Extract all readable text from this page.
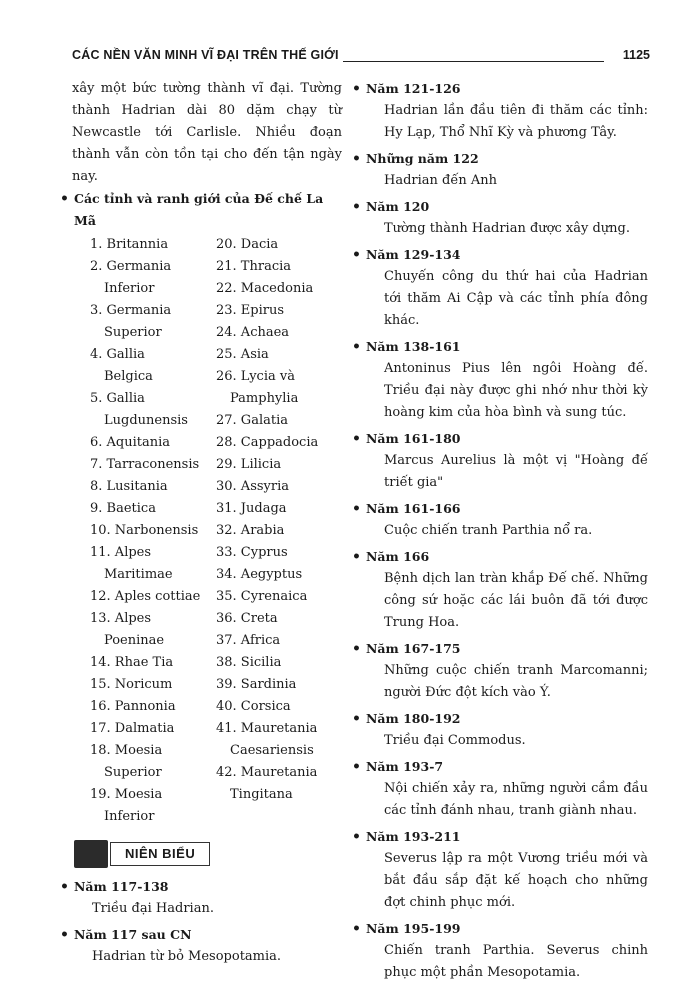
CÁC NỀN VĂN MINH VĨ ĐẠI TRÊN THẾ GIỚI	1125

xây một bức tường thành vĩ đại. Tường thành Hadrian dài 80 dặm chạy từ Newcastle tới Carlisle. Nhiều đoạn thành vẫn còn tồn tại cho đến tận ngày nay.

• Các tỉnh và ranh giới của Đế chế La Mã
1. Britannia
2. Germania
Inferior
3. Germania
Superior
4. Gallia
Belgica
5. Gallia
Lugdunensis
6. Aquitania
7. Tarraconensis
8. Lusitania
9. Baetica
10. Narbonensis
11. Alpes
Maritimae
12. Aples cottiae
13. Alpes
Poeninae
14. Rhae Tia
15. Noricum
16. Pannonia
17. Dalmatia
18. Moesia
Superior
19. Moesia
Inferior
20. Dacia
21. Thracia
22. Macedonia
23. Epirus
24. Achaea
25. Asia
26. Lycia và
Pamphylia
27. Galatia
28. Cappadocia
29. Lilicia
30. Assyria
31. Judaga
32. Arabia
33. Cyprus
34. Aegyptus
35. Cyrenaica
36. Creta
37. Africa
38. Sicilia
39. Sardinia
40. Corsica
41. Mauretania
Caesariensis
42. Mauretania
Tingitana
NIÊN BIỂU
• Năm 117-138
Triều đại Hadrian.
• Năm 117 sau CN
Hadrian từ bỏ Mesopotamia.
• Năm 121-126
Hadrian lần đầu tiên đi thăm các tỉnh: Hy Lạp, Thổ Nhĩ Kỳ và phương Tây.
• Những năm 122
Hadrian đến Anh
• Năm 120
Tường thành Hadrian được xây dựng.
• Năm 129-134
Chuyến công du thứ hai của Hadrian tới thăm Ai Cập và các tỉnh phía đông khác.
• Năm 138-161
Antoninus Pius lên ngôi Hoàng đế. Triều đại này được ghi nhớ như thời kỳ hoàng kim của hòa bình và sung túc.
• Năm 161-180
Marcus Aurelius là một vị "Hoàng đế triết gia"
• Năm 161-166
Cuộc chiến tranh Parthia nổ ra.
• Năm 166
Bệnh dịch lan tràn khắp Đế chế. Những công sứ hoặc các lái buôn đã tới được Trung Hoa.
• Năm 167-175
Những cuộc chiến tranh Marcomanni; người Đức đột kích vào Ý.
• Năm 180-192
Triều đại Commodus.
• Năm 193-7
Nội chiến xảy ra, những người cầm đầu các tỉnh đánh nhau, tranh giành nhau.
• Năm 193-211
Severus lập ra một Vương triều mới và bắt đầu sắp đặt kế hoạch cho những đợt chinh phục mới.
• Năm 195-199
Chiến tranh Parthia. Severus chinh phục một phần Mesopotamia.
